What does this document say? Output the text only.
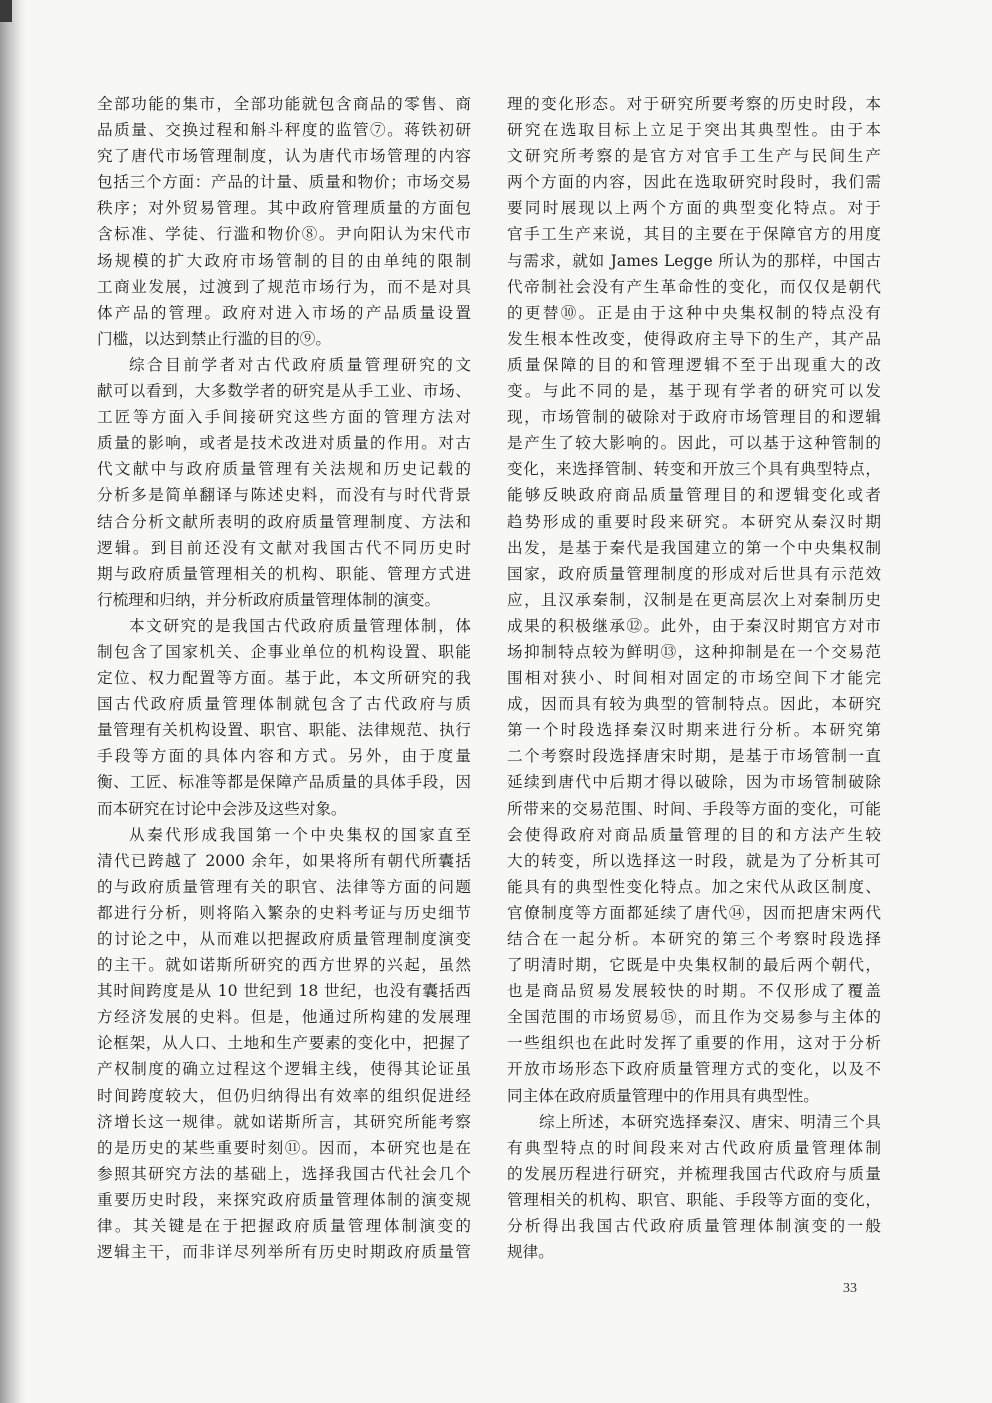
全部功能的集市，全部功能就包含商品的零售、商
品质量、交换过程和斛斗秤度的监管⑦。蒋铁初研
究了唐代市场管理制度，认为唐代市场管理的内容
包括三个方面：产品的计量、质量和物价；市场交易
秩序；对外贸易管理。其中政府管理质量的方面包
含标准、学徒、行滥和物价⑧。尹向阳认为宋代市
场规模的扩大政府市场管制的目的由单纯的限制
工商业发展，过渡到了规范市场行为，而不是对具
体产品的管理。政府对进入市场的产品质量设置
门槛，以达到禁止行滥的目的⑨。
综合目前学者对古代政府质量管理研究的文
献可以看到，大多数学者的研究是从手工业、市场、
工匠等方面入手间接研究这些方面的管理方法对
质量的影响，或者是技术改进对质量的作用。对古
代文献中与政府质量管理有关法规和历史记载的
分析多是简单翻译与陈述史料，而没有与时代背景
结合分析文献所表明的政府质量管理制度、方法和
逻辑。到目前还没有文献对我国古代不同历史时
期与政府质量管理相关的机构、职能、管理方式进
行梳理和归纳，并分析政府质量管理体制的演变。
本文研究的是我国古代政府质量管理体制，体
制包含了国家机关、企事业单位的机构设置、职能
定位、权力配置等方面。基于此，本文所研究的我
国古代政府质量管理体制就包含了古代政府与质
量管理有关机构设置、职官、职能、法律规范、执行
手段等方面的具体内容和方式。另外，由于度量
衡、工匠、标准等都是保障产品质量的具体手段，因
而本研究在讨论中会涉及这些对象。
从秦代形成我国第一个中央集权的国家直至
清代已跨越了 2000 余年，如果将所有朝代所囊括
的与政府质量管理有关的职官、法律等方面的问题
都进行分析，则将陷入繁杂的史料考证与历史细节
的讨论之中，从而难以把握政府质量管理制度演变
的主干。就如诺斯所研究的西方世界的兴起，虽然
其时间跨度是从 10 世纪到 18 世纪，也没有囊括西
方经济发展的史料。但是，他通过所构建的发展理
论框架，从人口、土地和生产要素的变化中，把握了
产权制度的确立过程这个逻辑主线，使得其论证虽
时间跨度较大，但仍归纳得出有效率的组织促进经
济增长这一规律。就如诺斯所言，其研究所能考察
的是历史的某些重要时刻⑪。因而，本研究也是在
参照其研究方法的基础上，选择我国古代社会几个
重要历史时段，来探究政府质量管理体制的演变规
律。其关键是在于把握政府质量管理体制演变的
逻辑主干，而非详尽列举所有历史时期政府质量管
理的变化形态。对于研究所要考察的历史时段，本
研究在选取目标上立足于突出其典型性。由于本
文研究所考察的是官方对官手工生产与民间生产
两个方面的内容，因此在选取研究时段时，我们需
要同时展现以上两个方面的典型变化特点。对于
官手工生产来说，其目的主要在于保障官方的用度
与需求，就如 James Legge 所认为的那样，中国古
代帝制社会没有产生革命性的变化，而仅仅是朝代
的更替⑩。正是由于这种中央集权制的特点没有
发生根本性改变，使得政府主导下的生产，其产品
质量保障的目的和管理逻辑不至于出现重大的改
变。与此不同的是，基于现有学者的研究可以发
现，市场管制的破除对于政府市场管理目的和逻辑
是产生了较大影响的。因此，可以基于这种管制的
变化，来选择管制、转变和开放三个具有典型特点，
能够反映政府商品质量管理目的和逻辑变化或者
趋势形成的重要时段来研究。本研究从秦汉时期
出发，是基于秦代是我国建立的第一个中央集权制
国家，政府质量管理制度的形成对后世具有示范效
应，且汉承秦制，汉制是在更高层次上对秦制历史
成果的积极继承⑫。此外，由于秦汉时期官方对市
场抑制特点较为鲜明⑬，这种抑制是在一个交易范
围相对狭小、时间相对固定的市场空间下才能完
成，因而具有较为典型的管制特点。因此，本研究
第一个时段选择秦汉时期来进行分析。本研究第
二个考察时段选择唐宋时期，是基于市场管制一直
延续到唐代中后期才得以破除，因为市场管制破除
所带来的交易范围、时间、手段等方面的变化，可能
会使得政府对商品质量管理的目的和方法产生较
大的转变，所以选择这一时段，就是为了分析其可
能具有的典型性变化特点。加之宋代从政区制度、
官僚制度等方面都延续了唐代⑭，因而把唐宋两代
结合在一起分析。本研究的第三个考察时段选择
了明清时期，它既是中央集权制的最后两个朝代，
也是商品贸易发展较快的时期。不仅形成了覆盖
全国范围的市场贸易⑮，而且作为交易参与主体的
一些组织也在此时发挥了重要的作用，这对于分析
开放市场形态下政府质量管理方式的变化，以及不
同主体在政府质量管理中的作用具有典型性。
综上所述，本研究选择秦汉、唐宋、明清三个具
有典型特点的时间段来对古代政府质量管理体制
的发展历程进行研究，并梳理我国古代政府与质量
管理相关的机构、职官、职能、手段等方面的变化，
分析得出我国古代政府质量管理体制演变的一般
规律。
33
